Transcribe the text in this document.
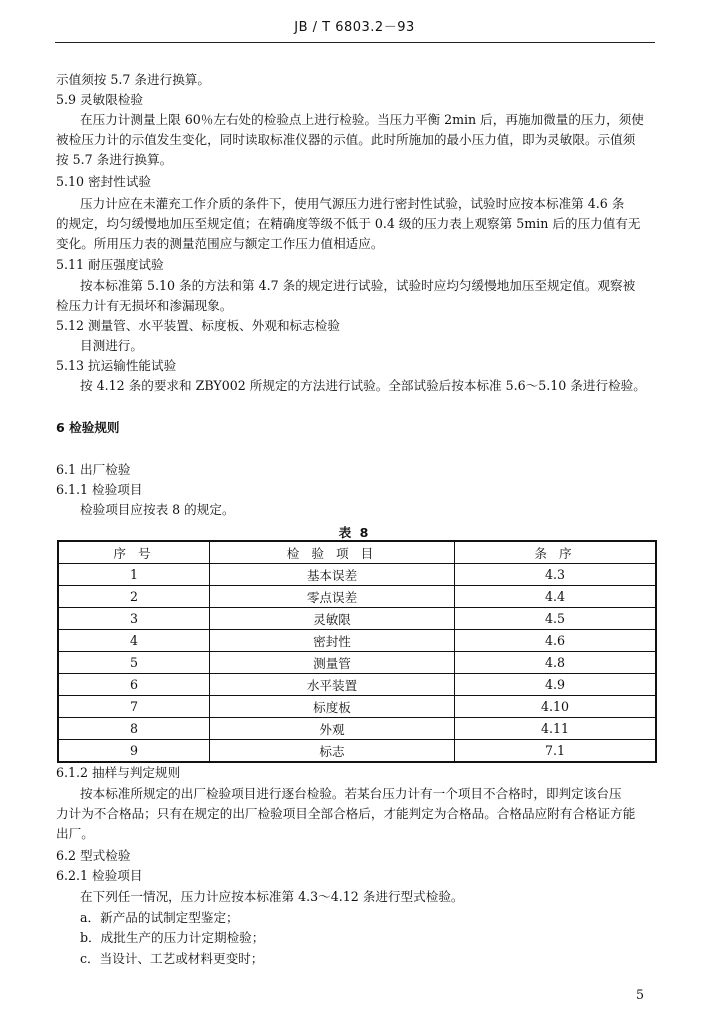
JB / T 6803.2－93
示值须按 5.7 条进行换算。
5.9 灵敏限检验
在压力计测量上限 60％左右处的检验点上进行检验。当压力平衡 2min 后，再施加微量的压力，须使
被检压力计的示值发生变化，同时读取标准仪器的示值。此时所施加的最小压力值，即为灵敏限。示值须
按 5.7 条进行换算。
5.10 密封性试验
压力计应在未灌充工作介质的条件下，使用气源压力进行密封性试验，试验时应按本标准第 4.6 条
的规定，均匀缓慢地加压至规定值；在精确度等级不低于 0.4 级的压力表上观察第 5min 后的压力值有无
变化。所用压力表的测量范围应与额定工作压力值相适应。
5.11 耐压强度试验
按本标准第 5.10 条的方法和第 4.7 条的规定进行试验，试验时应均匀缓慢地加压至规定值。观察被
检压力计有无损坏和渗漏现象。
5.12 测量管、水平装置、标度板、外观和标志检验
目测进行。
5.13 抗运输性能试验
按 4.12 条的要求和 ZBY002 所规定的方法进行试验。全部试验后按本标准 5.6～5.10 条进行检验。
6 检验规则
6.1 出厂检验
6.1.1 检验项目
检验项目应按表 8 的规定。
表 8
序 号	检 验 项 目	条 序
1	基本误差	4.3
2	零点误差	4.4
3	灵敏限	4.5
4	密封性	4.6
5	测量管	4.8
6	水平装置	4.9
7	标度板	4.10
8	外观	4.11
9	标志	7.1
6.1.2 抽样与判定规则
按本标准所规定的出厂检验项目进行逐台检验。若某台压力计有一个项目不合格时，即判定该台压
力计为不合格品；只有在规定的出厂检验项目全部合格后，才能判定为合格品。合格品应附有合格证方能
出厂。
6.2 型式检验
6.2.1 检验项目
在下列任一情况，压力计应按本标准第 4.3～4.12 条进行型式检验。
a．新产品的试制定型鉴定；
b．成批生产的压力计定期检验；
c．当设计、工艺或材料更变时；
5
